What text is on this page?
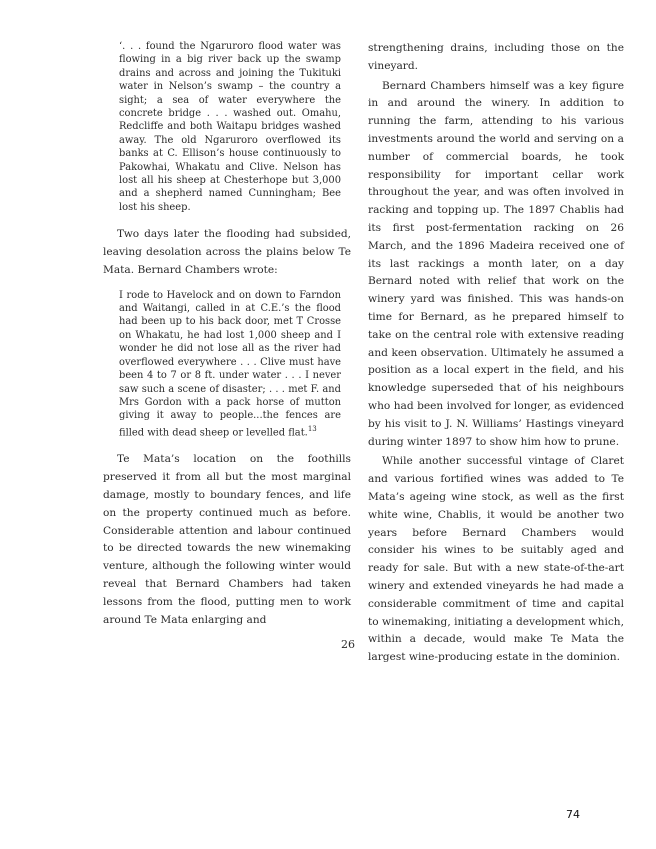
‘. . . found the Ngaruroro flood water was flowing in a big river back up the swamp drains and across and joining the Tukituki water in Nelson’s swamp – the country a sight; a sea of water everywhere the concrete bridge . . . washed out. Omahu, Redcliffe and both Waitapu bridges washed away. The old Ngaruroro overflowed its banks at C. Ellison’s house continuously to Pakowhai, Whakatu and Clive. Nelson has lost all his sheep at Chesterhope but 3,000 and a shepherd named Cunningham; Bee lost his sheep.

Two days later the flooding had subsided, leaving desolation across the plains below Te Mata. Bernard Chambers wrote:

I rode to Havelock and on down to Farndon and Waitangi, called in at C.E.’s the flood had been up to his back door, met T Crosse on Whakatu, he had lost 1,000 sheep and I wonder he did not lose all as the river had overflowed everywhere . . . Clive must have been 4 to 7 or 8 ft. under water . . . I never saw such a scene of disaster; . . . met F. and Mrs Gordon with a pack horse of mutton giving it away to people...the fences are filled with dead sheep or levelled flat.$^{13}$

Te Mata’s location on the foothills preserved it from all but the most marginal damage, mostly to boundary fences, and life on the property continued much as before. Considerable attention and labour continued to be directed towards the new winemaking venture, although the following winter would reveal that Bernard Chambers had taken lessons from the flood, putting men to work around Te Mata enlarging and

strengthening drains, including those on the vineyard.

Bernard Chambers himself was a key figure in and around the winery. In addition to running the farm, attending to his various investments around the world and serving on a number of commercial boards, he took responsibility for important cellar work throughout the year, and was often involved in racking and topping up. The 1897 Chablis had its first post-fermentation racking on 26 March, and the 1896 Madeira received one of its last rackings a month later, on a day Bernard noted with relief that work on the winery yard was finished. This was hands-on time for Bernard, as he prepared himself to take on the central role with extensive reading and keen observation. Ultimately he assumed a position as a local expert in the field, and his knowledge superseded that of his neighbours who had been involved for longer, as evidenced by his visit to J. N. Williams’ Hastings vineyard during winter 1897 to show him how to prune.

While another successful vintage of Claret and various fortified wines was added to Te Mata’s ageing wine stock, as well as the first white wine, Chablis, it would be another two years before Bernard Chambers would consider his wines to be suitably aged and ready for sale. But with a new state-of-the-art winery and extended vineyards he had made a considerable commitment of time and capital to winemaking, initiating a development which, within a decade, would make Te Mata the largest wine-producing estate in the dominion.

26
74
